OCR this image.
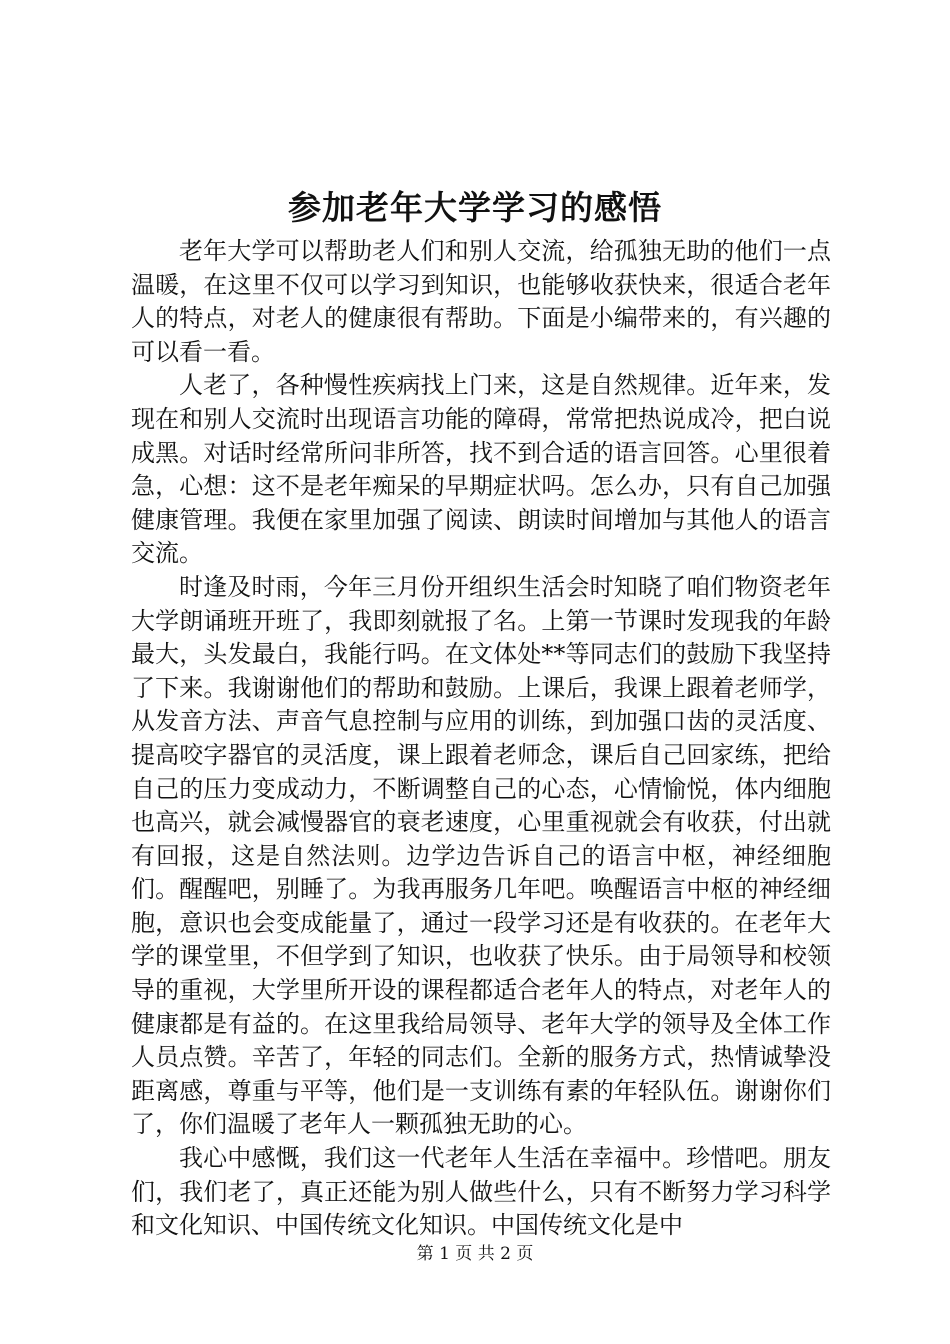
参加老年大学学习的感悟

老年大学可以帮助老人们和别人交流，给孤独无助的他们一点温暖，在这里不仅可以学习到知识，也能够收获快来，很适合老年人的特点，对老人的健康很有帮助。下面是小编带来的，有兴趣的可以看一看。

人老了，各种慢性疾病找上门来，这是自然规律。近年来，发现在和别人交流时出现语言功能的障碍，常常把热说成冷，把白说成黑。对话时经常所问非所答，找不到合适的语言回答。心里很着急，心想：这不是老年痴呆的早期症状吗。怎么办，只有自己加强健康管理。我便在家里加强了阅读、朗读时间增加与其他人的语言交流。

时逢及时雨，今年三月份开组织生活会时知晓了咱们物资老年大学朗诵班开班了，我即刻就报了名。上第一节课时发现我的年龄最大，头发最白，我能行吗。在文体处**等同志们的鼓励下我坚持了下来。我谢谢他们的帮助和鼓励。上课后，我课上跟着老师学，从发音方法、声音气息控制与应用的训练，到加强口齿的灵活度、提高咬字器官的灵活度，课上跟着老师念，课后自己回家练，把给自己的压力变成动力，不断调整自己的心态，心情愉悦，体内细胞也高兴，就会减慢器官的衰老速度，心里重视就会有收获，付出就有回报，这是自然法则。边学边告诉自己的语言中枢，神经细胞们。醒醒吧，别睡了。为我再服务几年吧。唤醒语言中枢的神经细胞，意识也会变成能量了，通过一段学习还是有收获的。在老年大学的课堂里，不但学到了知识，也收获了快乐。由于局领导和校领导的重视，大学里所开设的课程都适合老年人的特点，对老年人的健康都是有益的。在这里我给局领导、老年大学的领导及全体工作人员点赞。辛苦了，年轻的同志们。全新的服务方式，热情诚挚没距离感，尊重与平等，他们是一支训练有素的年轻队伍。谢谢你们了，你们温暖了老年人一颗孤独无助的心。

我心中感慨，我们这一代老年人生活在幸福中。珍惜吧。朋友们，我们老了，真正还能为别人做些什么，只有不断努力学习科学和文化知识、中国传统文化知识。中国传统文化是中

第 1 页 共 2 页
